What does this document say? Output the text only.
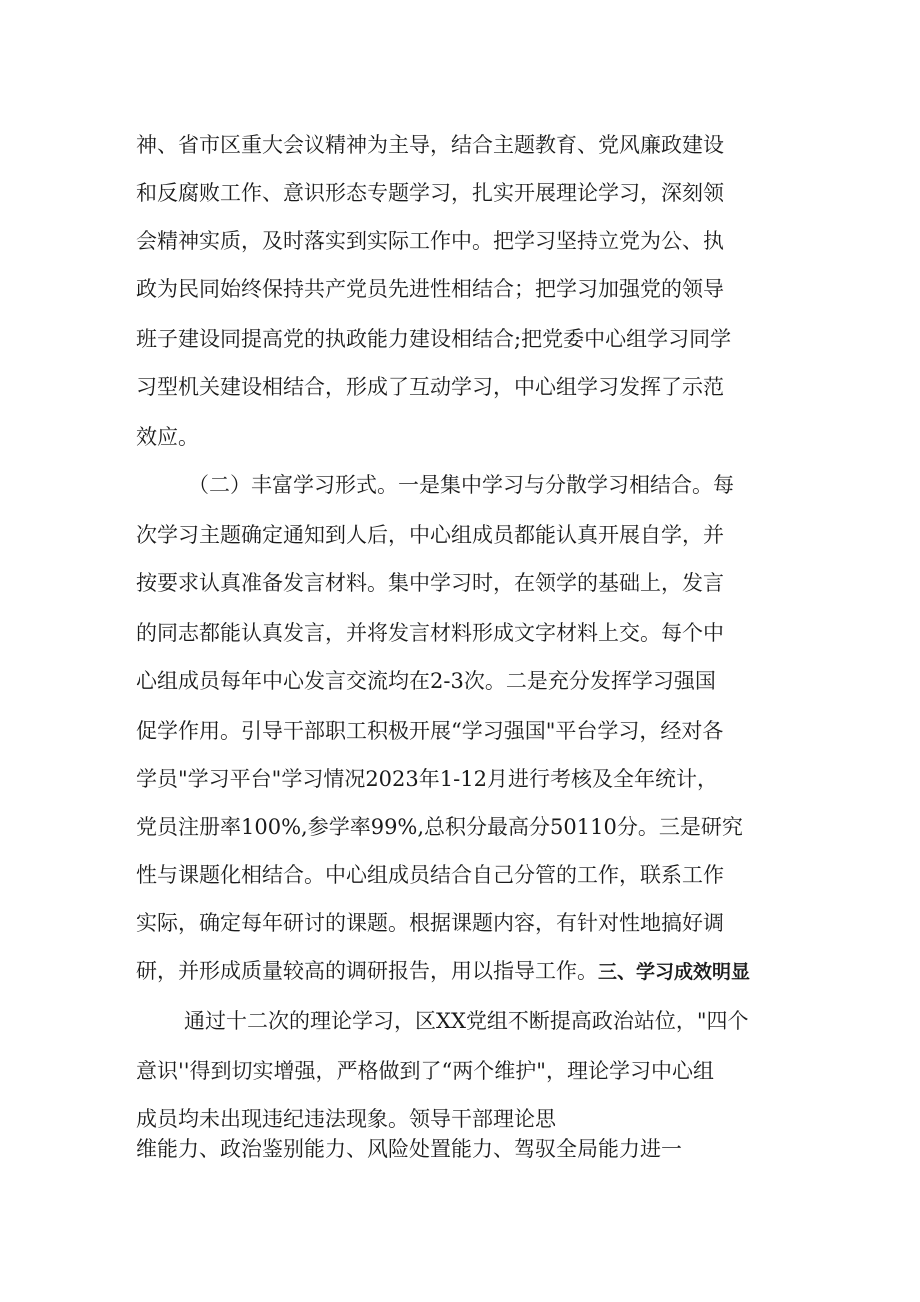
神、省市区重大会议精神为主导，结合主题教育、党风廉政建设
和反腐败工作、意识形态专题学习，扎实开展理论学习，深刻领
会精神实质，及时落实到实际工作中。把学习坚持立党为公、执
政为民同始终保持共产党员先进性相结合；把学习加强党的领导
班子建设同提高党的执政能力建设相结合;把党委中心组学习同学
习型机关建设相结合，形成了互动学习，中心组学习发挥了示范
效应。
（二）丰富学习形式。一是集中学习与分散学习相结合。每
次学习主题确定通知到人后，中心组成员都能认真开展自学，并
按要求认真准备发言材料。集中学习时，在领学的基础上，发言
的同志都能认真发言，并将发言材料形成文字材料上交。每个中
心组成员每年中心发言交流均在2-3次。二是充分发挥学习强国
促学作用。引导干部职工积极开展“学习强国"平台学习，经对各
学员"学习平台"学习情况2023年1-12月进行考核及全年统计，
党员注册率100%,参学率99%,总积分最高分50110分。三是研究
性与课题化相结合。中心组成员结合自己分管的工作，联系工作
实际，确定每年研讨的课题。根据课题内容，有针对性地搞好调
研，并形成质量较高的调研报告，用以指导工作。三、学习成效明显
通过十二次的理论学习，区XX党组不断提高政治站位，"四个
意识''得到切实增强，严格做到了“两个维护"，理论学习中心组
成员均未出现违纪违法现象。领导干部理论思
维能力、政治鉴别能力、风险处置能力、驾驭全局能力进一
